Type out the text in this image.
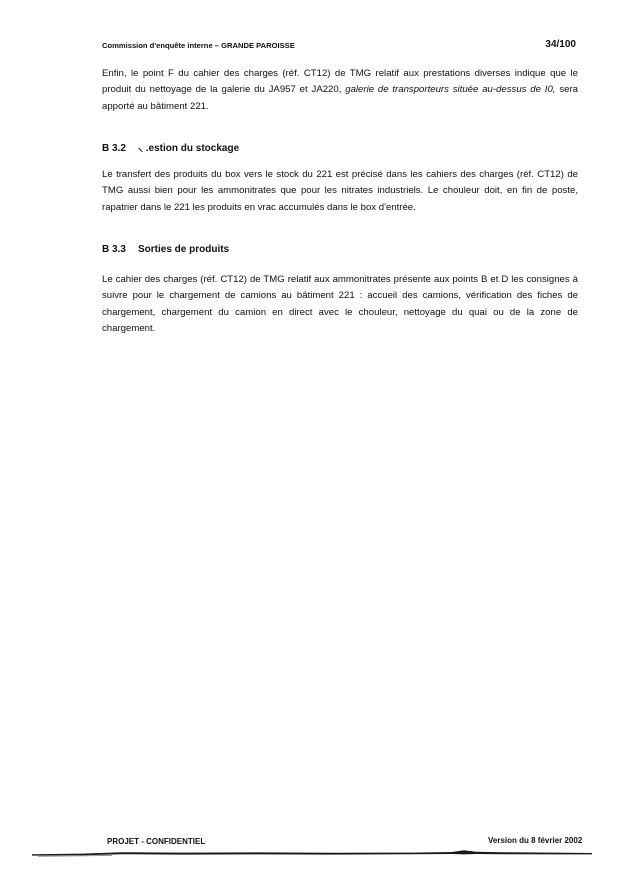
Commission d'enquête interne – GRANDE PAROISSE	34/100

Enfin, le point F du cahier des charges (réf. CT12) de TMG relatif aux prestations diverses indique que le produit du nettoyage de la galerie du JA957 et JA220, galerie de transporteurs située au-dessus de I0, sera apporté au bâtiment 221.

B 3.2 ⸜ .estion du stockage

Le transfert des produits du box vers le stock du 221 est précisé dans les cahiers des charges (réf. CT12) de TMG aussi bien pour les ammonitrates que pour les nitrates industriels. Le chouleur doit, en fin de poste, rapatrier dans le 221 les produits en vrac accumulés dans le box d'entrée.

B 3.3 Sorties de produits

Le cahier des charges (réf. CT12) de TMG relatif aux ammonitrates présente aux points B et D les consignes à suivre pour le chargement de camions au bâtiment 221 : accueil des camions, vérification des fiches de chargement, chargement du camion en direct avec le chouleur, nettoyage du quai ou de la zone de chargement.

PROJET - CONFIDENTIEL	Version du 8 février 2002
